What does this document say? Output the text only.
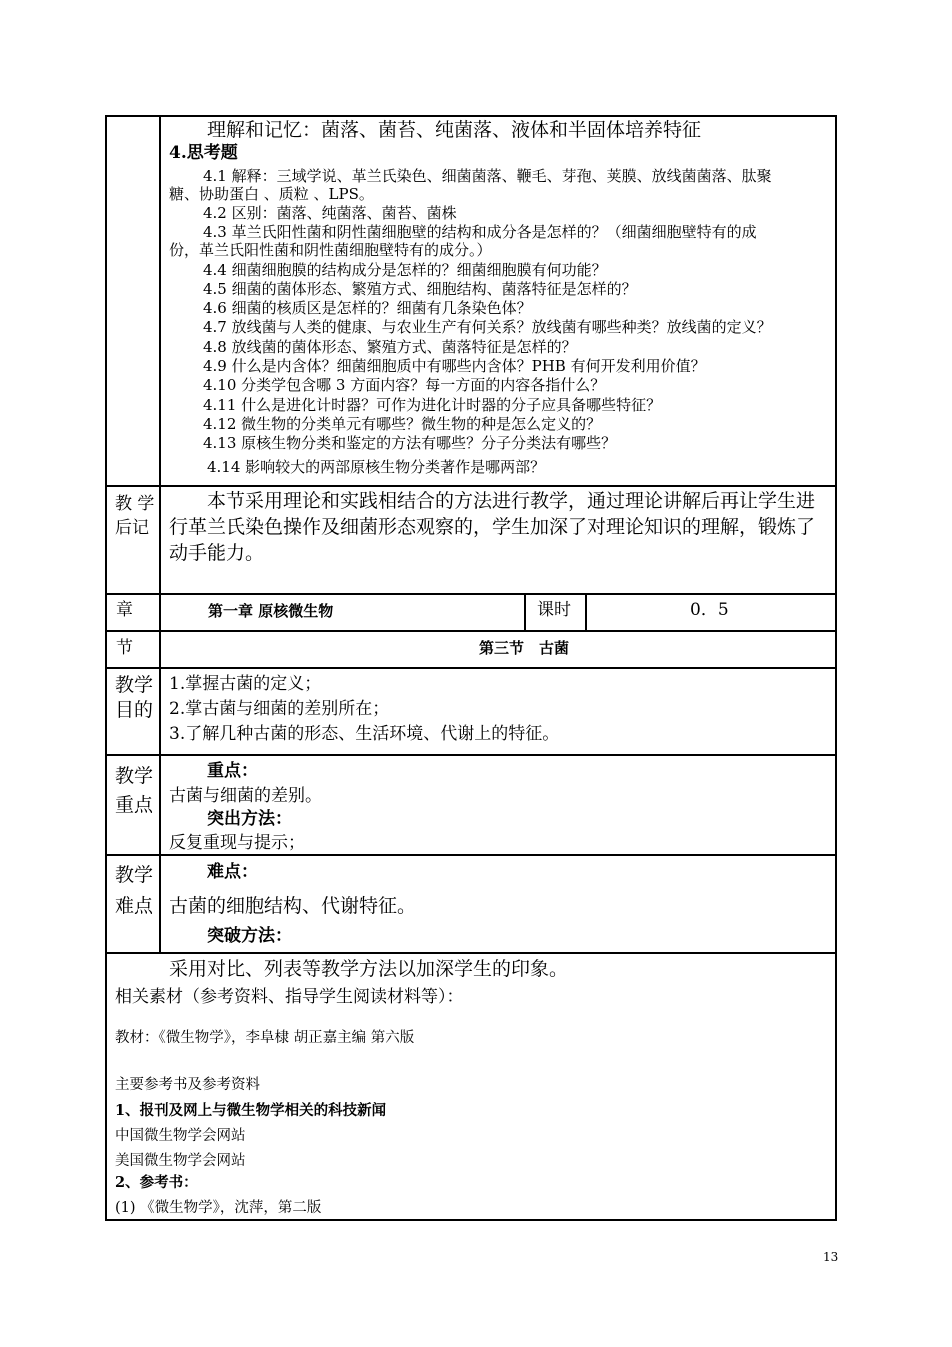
理解和记忆：菌落、菌苔、纯菌落、液体和半固体培养特征
4.思考题
4.1 解释：三域学说、革兰氏染色、细菌菌落、鞭毛、芽孢、荚膜、放线菌菌落、肽聚
糖、协助蛋白 、质粒 、LPS。
4.2 区别：菌落、纯菌落、菌苔、菌株
4.3 革兰氏阳性菌和阴性菌细胞壁的结构和成分各是怎样的？（细菌细胞壁特有的成
份，革兰氏阳性菌和阴性菌细胞壁特有的成分。）
4.4 细菌细胞膜的结构成分是怎样的？细菌细胞膜有何功能？
4.5 细菌的菌体形态、繁殖方式、细胞结构、菌落特征是怎样的？
4.6 细菌的核质区是怎样的？细菌有几条染色体？
4.7 放线菌与人类的健康、与农业生产有何关系？放线菌有哪些种类？放线菌的定义？
4.8 放线菌的菌体形态、繁殖方式、菌落特征是怎样的？
4.9 什么是内含体？细菌细胞质中有哪些内含体？PHB 有何开发利用价值？
4.10 分类学包含哪 3 方面内容？每一方面的内容各指什么？
4.11 什么是进化计时器？可作为进化计时器的分子应具备哪些特征？
4.12 微生物的分类单元有哪些？微生物的种是怎么定义的？
4.13 原核生物分类和鉴定的方法有哪些？分子分类法有哪些？
4.14 影响较大的两部原核生物分类著作是哪两部？
教 学
后记
本节采用理论和实践相结合的方法进行教学，通过理论讲解后再让学生进
行革兰氏染色操作及细菌形态观察的，学生加深了对理论知识的理解，锻炼了
动手能力。
章	第一章 原核微生物	课时	0．5
节	第三节　古菌
教学
目的
1.掌握古菌的定义；
2.掌古菌与细菌的差别所在；
3.了解几种古菌的形态、生活环境、代谢上的特征。
教学
重点
重点：
古菌与细菌的差别。
突出方法：
反复重现与提示；
教学
难点
难点：
古菌的细胞结构、代谢特征。
突破方法：
采用对比、列表等教学方法以加深学生的印象。
相关素材（参考资料、指导学生阅读材料等）：
教材：《微生物学》，李阜棣 胡正嘉主编 第六版
主要参考书及参考资料
1、报刊及网上与微生物学相关的科技新闻
中国微生物学会网站
美国微生物学会网站
2、参考书：
(1) 《微生物学》，沈萍，第二版
13
